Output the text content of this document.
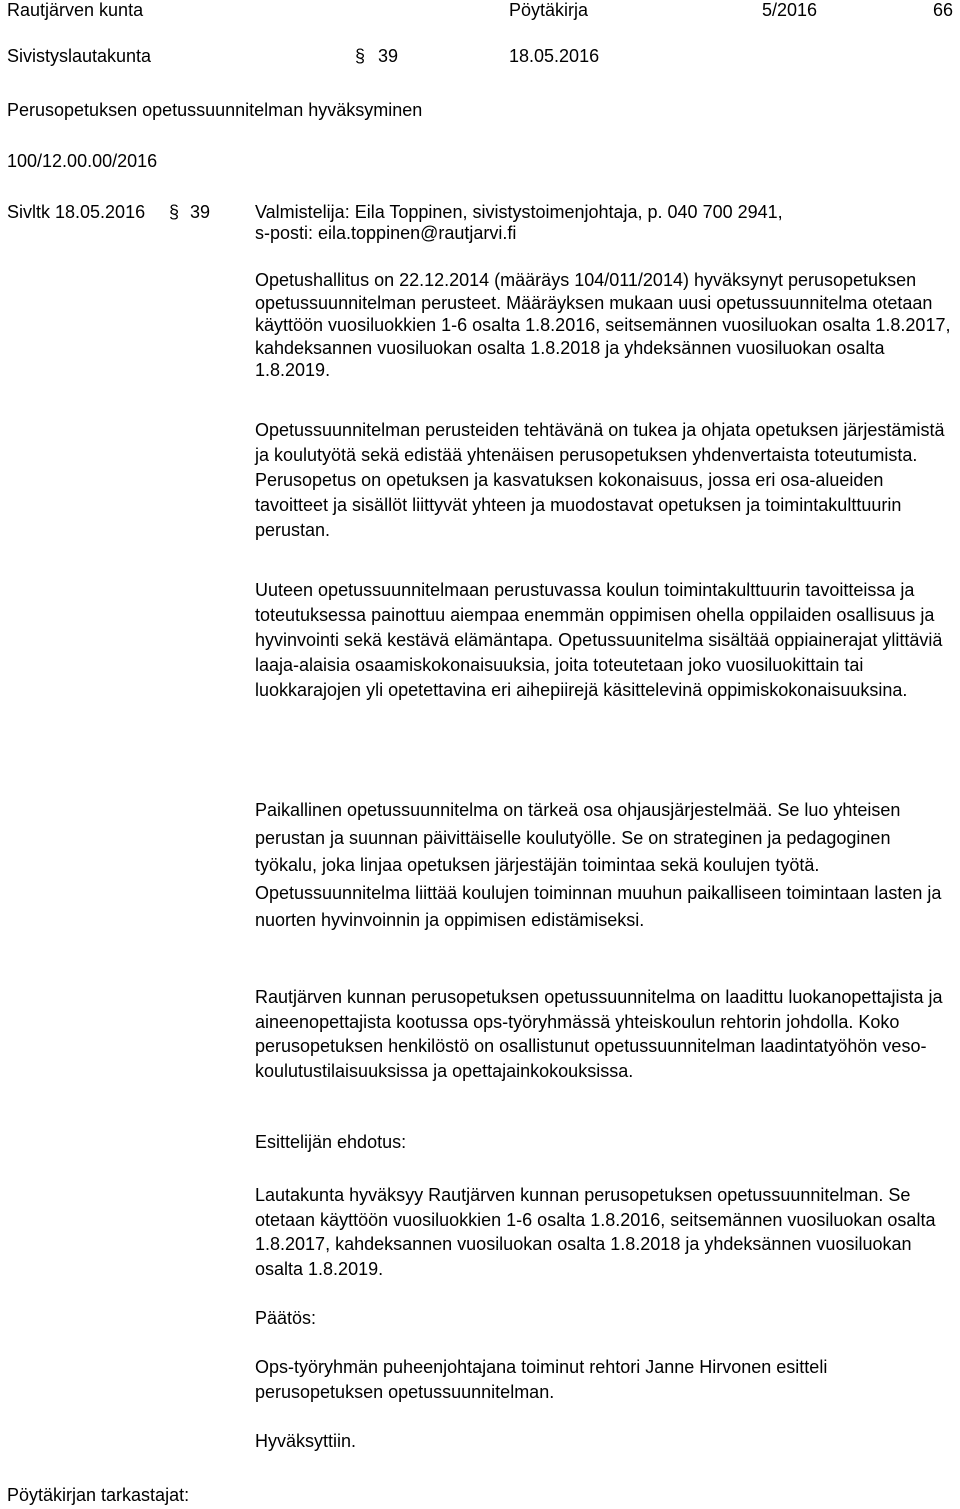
Rautjärven kunta	Pöytäkirja	5/2016	66
Sivistyslautakunta	§ 39	18.05.2016
Perusopetuksen opetussuunnitelman hyväksyminen
100/12.00.00/2016
Sivltk 18.05.2016 § 39 Valmistelija: Eila Toppinen, sivistystoimenjohtaja, p. 040 700 2941,
s-posti: eila.toppinen@rautjarvi.fi

Opetushallitus on 22.12.2014 (määräys 104/011/2014) hyväksynyt perusopetuksen opetussuunnitelman perusteet. Määräyksen mukaan uusi opetussuunnitelma otetaan käyttöön vuosiluokkien 1-6 osalta 1.8.2016, seitsemännen vuosiluokan osalta 1.8.2017, kahdeksannen vuosiluokan osalta 1.8.2018 ja yhdeksännen vuosiluokan osalta 1.8.2019.

Opetussuunnitelman perusteiden tehtävänä on tukea ja ohjata opetuksen järjestämistä ja koulutyötä sekä edistää yhtenäisen perusopetuksen yhdenvertaista toteutumista. Perusopetus on opetuksen ja kasvatuksen kokonaisuus, jossa eri osa-alueiden tavoitteet ja sisällöt liittyvät yhteen ja muodostavat opetuksen ja toimintakulttuurin perustan.

Uuteen opetussuunnitelmaan perustuvassa koulun toimintakulttuurin tavoitteissa ja toteutuksessa painottuu aiempaa enemmän oppimisen ohella oppilaiden osallisuus ja hyvinvointi sekä kestävä elämäntapa. Opetussuunitelma sisältää oppiainerajat ylittäviä laaja-alaisia osaamiskokonaisuuksia, joita toteutetaan joko vuosiluokittain tai luokkarajojen yli opetettavina eri aihepiirejä käsittelevinä oppimiskokonaisuuksina.

Paikallinen opetussuunnitelma on tärkeä osa ohjausjärjestelmää. Se luo yhteisen perustan ja suunnan päivittäiselle koulutyölle. Se on strateginen ja pedagoginen työkalu, joka linjaa opetuksen järjestäjän toimintaa sekä koulujen työtä. Opetussuunnitelma liittää koulujen toiminnan muuhun paikalliseen toimintaan lasten ja nuorten hyvinvoinnin ja oppimisen edistämiseksi.

Rautjärven kunnan perusopetuksen opetussuunnitelma on laadittu luokanopettajista ja aineenopettajista kootussa ops-työryhmässä yhteiskoulun rehtorin johdolla. Koko perusopetuksen henkilöstö on osallistunut opetussuunnitelman laadintatyöhön veso- koulutustilaisuuksissa ja opettajainkokouksissa.

Esittelijän ehdotus:

Lautakunta hyväksyy Rautjärven kunnan perusopetuksen opetussuunnitelman. Se otetaan käyttöön vuosiluokkien 1-6 osalta 1.8.2016, seitsemännen vuosiluokan osalta 1.8.2017, kahdeksannen vuosiluokan osalta 1.8.2018 ja yhdeksännen vuosiluokan osalta 1.8.2019.

Päätös:

Ops-työryhmän puheenjohtajana toiminut rehtori Janne Hirvonen esitteli perusopetuksen opetussuunnitelman.

Hyväksyttiin.
Pöytäkirjan tarkastajat:
